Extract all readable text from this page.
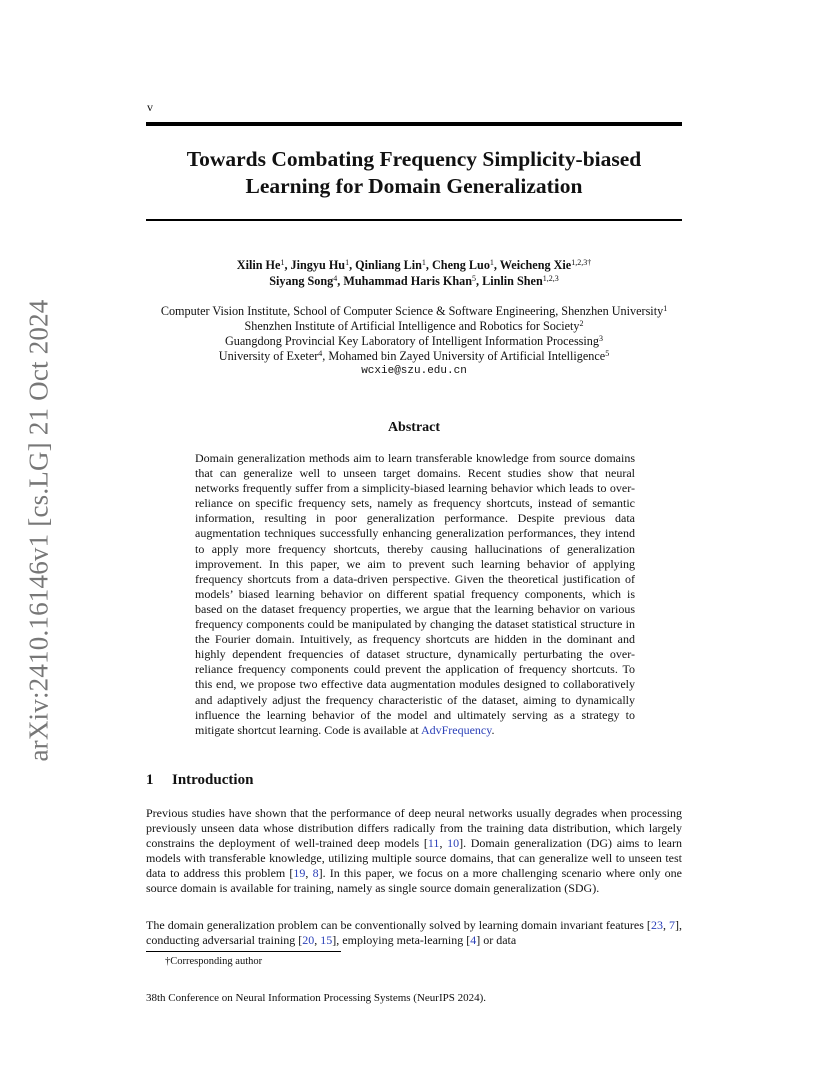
arXiv:2410.16146v1 [cs.LG] 21 Oct 2024
v
Towards Combating Frequency Simplicity-biased
Learning for Domain Generalization
Xilin He$^1$, Jingyu Hu$^1$, Qinliang Lin$^1$, Cheng Luo$^1$, Weicheng Xie$^{1,2,3\dagger}$
Siyang Song$^4$, Muhammad Haris Khan$^5$, Linlin Shen$^{1,2,3}$
Computer Vision Institute, School of Computer Science & Software Engineering, Shenzhen University$^1$
Shenzhen Institute of Artificial Intelligence and Robotics for Society$^2$
Guangdong Provincial Key Laboratory of Intelligent Information Processing$^3$
University of Exeter$^4$, Mohamed bin Zayed University of Artificial Intelligence$^5$
wcxie@szu.edu.cn
Abstract
Domain generalization methods aim to learn transferable knowledge from source domains that can generalize well to unseen target domains. Recent studies show that neural networks frequently suffer from a simplicity-biased learning behavior which leads to over-reliance on specific frequency sets, namely as frequency shortcuts, instead of semantic information, resulting in poor generalization performance. Despite previous data augmentation techniques successfully enhancing generalization performances, they intend to apply more frequency shortcuts, thereby causing hallucinations of generalization improvement. In this paper, we aim to prevent such learning behavior of applying frequency shortcuts from a data-driven perspective. Given the theoretical justification of models’ biased learning behavior on different spatial frequency components, which is based on the dataset frequency properties, we argue that the learning behavior on various frequency components could be manipulated by changing the dataset statistical structure in the Fourier domain. Intuitively, as frequency shortcuts are hidden in the dominant and highly dependent frequencies of dataset structure, dynamically perturbating the over-reliance frequency components could prevent the application of frequency shortcuts. To this end, we propose two effective data augmentation modules designed to collaboratively and adaptively adjust the frequency characteristic of the dataset, aiming to dynamically influence the learning behavior of the model and ultimately serving as a strategy to mitigate shortcut learning. Code is available at AdvFrequency.
1 Introduction
Previous studies have shown that the performance of deep neural networks usually degrades when processing previously unseen data whose distribution differs radically from the training data distribution, which largely constrains the deployment of well-trained deep models [11, 10]. Domain generalization (DG) aims to learn models with transferable knowledge, utilizing multiple source domains, that can generalize well to unseen test data to address this problem [19, 8]. In this paper, we focus on a more challenging scenario where only one source domain is available for training, namely as single source domain generalization (SDG).
The domain generalization problem can be conventionally solved by learning domain invariant features [23, 7], conducting adversarial training [20, 15], employing meta-learning [4] or data
†Corresponding author
38th Conference on Neural Information Processing Systems (NeurIPS 2024).
